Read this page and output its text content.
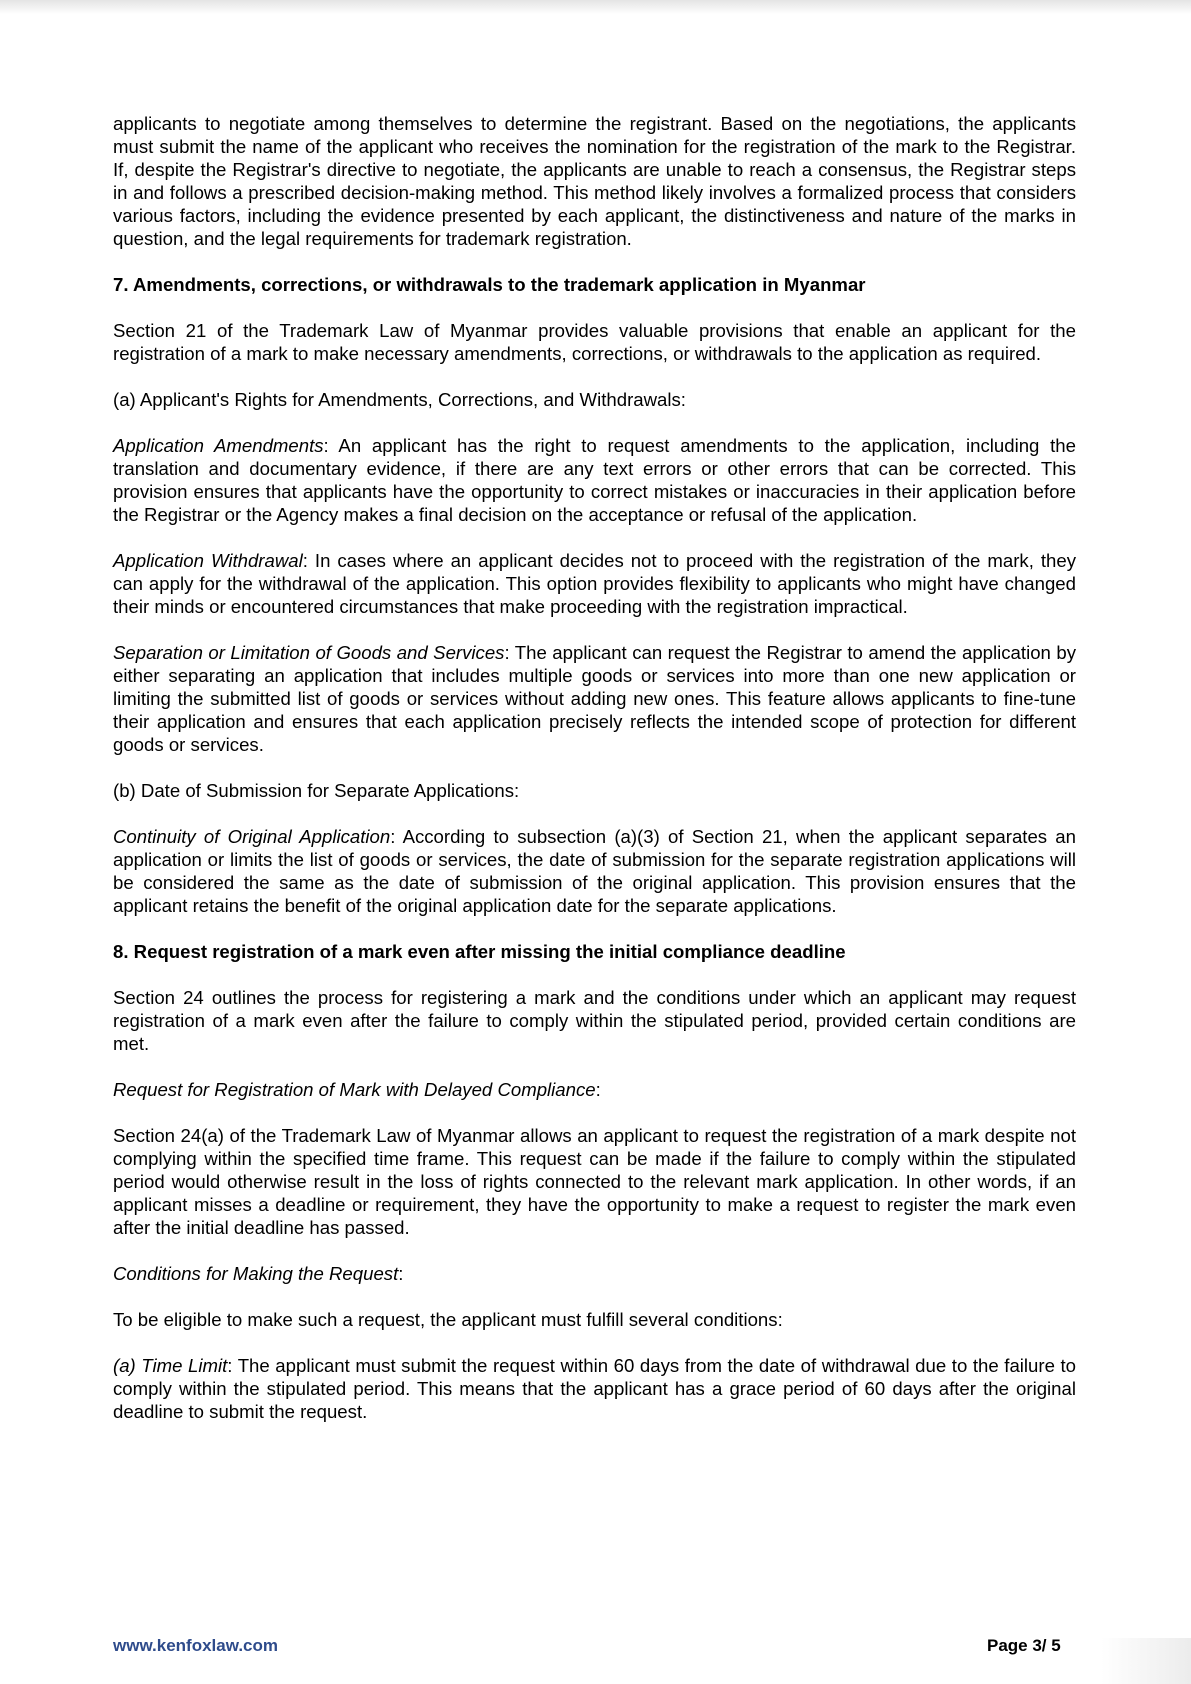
applicants to negotiate among themselves to determine the registrant. Based on the negotiations, the applicants must submit the name of the applicant who receives the nomination for the registration of the mark to the Registrar. If, despite the Registrar's directive to negotiate, the applicants are unable to reach a consensus, the Registrar steps in and follows a prescribed decision-making method. This method likely involves a formalized process that considers various factors, including the evidence presented by each applicant, the distinctiveness and nature of the marks in question, and the legal requirements for trademark registration.

7. Amendments, corrections, or withdrawals to the trademark application in Myanmar

Section 21 of the Trademark Law of Myanmar provides valuable provisions that enable an applicant for the registration of a mark to make necessary amendments, corrections, or withdrawals to the application as required.

(a) Applicant's Rights for Amendments, Corrections, and Withdrawals:

Application Amendments: An applicant has the right to request amendments to the application, including the translation and documentary evidence, if there are any text errors or other errors that can be corrected. This provision ensures that applicants have the opportunity to correct mistakes or inaccuracies in their application before the Registrar or the Agency makes a final decision on the acceptance or refusal of the application.

Application Withdrawal: In cases where an applicant decides not to proceed with the registration of the mark, they can apply for the withdrawal of the application. This option provides flexibility to applicants who might have changed their minds or encountered circumstances that make proceeding with the registration impractical.

Separation or Limitation of Goods and Services: The applicant can request the Registrar to amend the application by either separating an application that includes multiple goods or services into more than one new application or limiting the submitted list of goods or services without adding new ones. This feature allows applicants to fine-tune their application and ensures that each application precisely reflects the intended scope of protection for different goods or services.

(b) Date of Submission for Separate Applications:

Continuity of Original Application: According to subsection (a)(3) of Section 21, when the applicant separates an application or limits the list of goods or services, the date of submission for the separate registration applications will be considered the same as the date of submission of the original application. This provision ensures that the applicant retains the benefit of the original application date for the separate applications.

8. Request registration of a mark even after missing the initial compliance deadline

Section 24 outlines the process for registering a mark and the conditions under which an applicant may request registration of a mark even after the failure to comply within the stipulated period, provided certain conditions are met.

Request for Registration of Mark with Delayed Compliance:

Section 24(a) of the Trademark Law of Myanmar allows an applicant to request the registration of a mark despite not complying within the specified time frame. This request can be made if the failure to comply within the stipulated period would otherwise result in the loss of rights connected to the relevant mark application. In other words, if an applicant misses a deadline or requirement, they have the opportunity to make a request to register the mark even after the initial deadline has passed.

Conditions for Making the Request:

To be eligible to make such a request, the applicant must fulfill several conditions:

(a) Time Limit: The applicant must submit the request within 60 days from the date of withdrawal due to the failure to comply within the stipulated period. This means that the applicant has a grace period of 60 days after the original deadline to submit the request.

www.kenfoxlaw.com	Page 3/ 5
